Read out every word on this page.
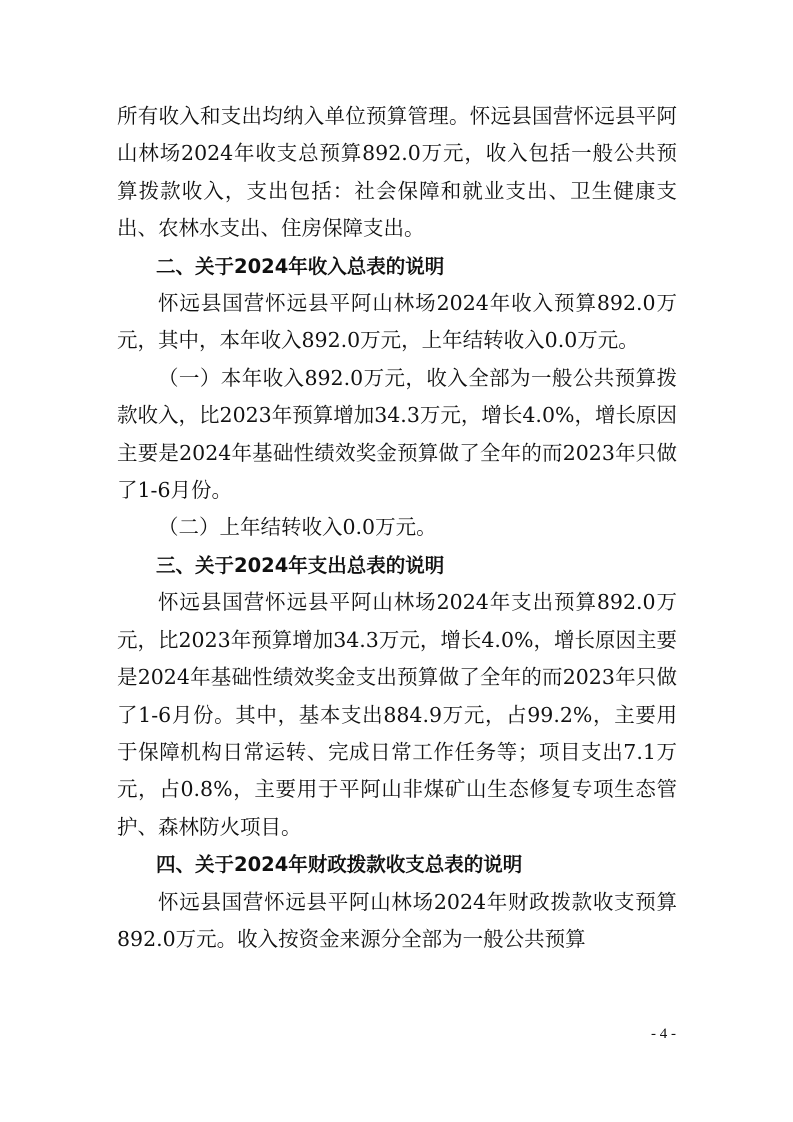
所有收入和支出均纳入单位预算管理。怀远县国营怀远县平阿山林场2024年收支总预算892.0万元，收入包括一般公共预算拨款收入，支出包括：社会保障和就业支出、卫生健康支出、农林水支出、住房保障支出。

二、关于2024年收入总表的说明

怀远县国营怀远县平阿山林场2024年收入预算892.0万元，其中，本年收入892.0万元，上年结转收入0.0万元。

（一）本年收入892.0万元，收入全部为一般公共预算拨款收入，比2023年预算增加34.3万元，增长4.0%，增长原因主要是2024年基础性绩效奖金预算做了全年的而2023年只做了1-6月份。

（二）上年结转收入0.0万元。

三、关于2024年支出总表的说明

怀远县国营怀远县平阿山林场2024年支出预算892.0万元，比2023年预算增加34.3万元，增长4.0%，增长原因主要是2024年基础性绩效奖金支出预算做了全年的而2023年只做了1-6月份。其中，基本支出884.9万元，占99.2%，主要用于保障机构日常运转、完成日常工作任务等；项目支出7.1万元，占0.8%，主要用于平阿山非煤矿山生态修复专项生态管护、森林防火项目。

四、关于2024年财政拨款收支总表的说明

怀远县国营怀远县平阿山林场2024年财政拨款收支预算892.0万元。收入按资金来源分全部为一般公共预算

- 4 -
